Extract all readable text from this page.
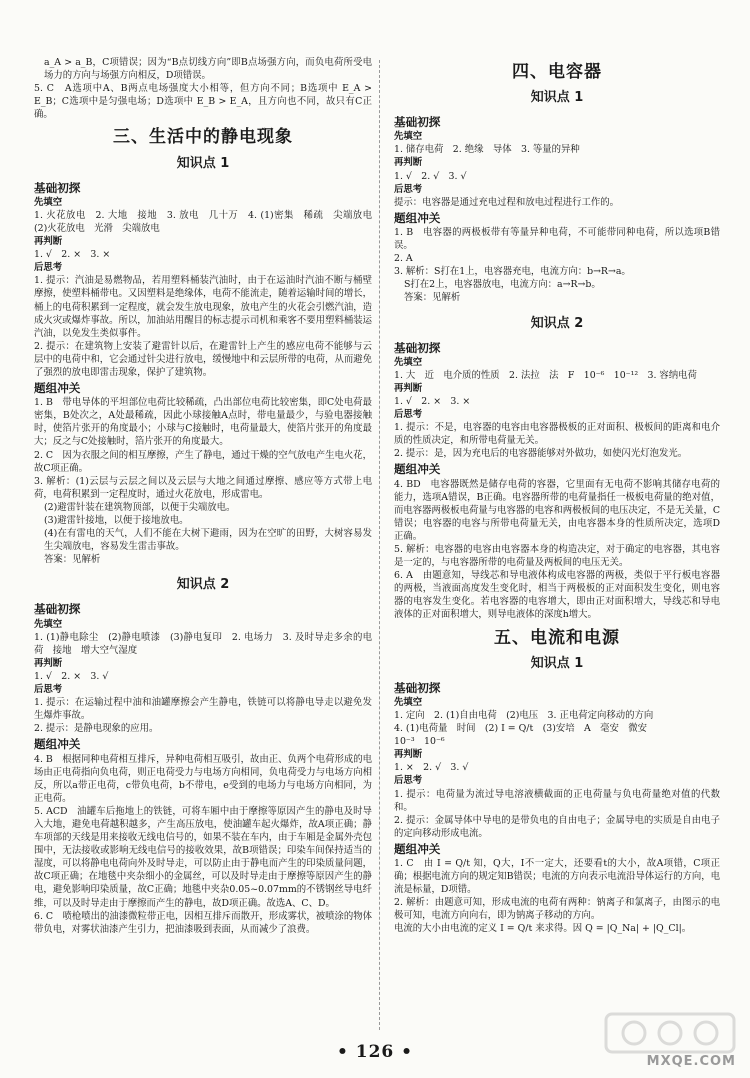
a_A > a_B，C项错误；因为“B点切线方向”即B点场强方向，而负电荷所受电场力的方向与场强方向相反，D项错误。

5. C　A选项中A、B两点电场强度大小相等，但方向不同；B选项中 E_A > E_B；C选项中是匀强电场；D选项中 E_B > E_A，且方向也不同，故只有C正确。

三、生活中的静电现象
知识点 1
基础初探
先填空

1. 火花放电　2. 大地　接地　3. 放电　几十万　4. (1)密集　稀疏　尖端放电　(2)火花放电　光滑　尖端放电

再判断

1. √　2. ×　3. ×

后思考

1. 提示：汽油是易燃物品，若用塑料桶装汽油时，由于在运油时汽油不断与桶壁摩擦，使塑料桶带电。又因塑料是绝缘体，电荷不能流走，随着运输时间的增长，桶上的电荷积累到一定程度，就会发生放电现象，放电产生的火花会引燃汽油，造成火灾或爆炸事故。所以，加油站用醒目的标志提示司机和乘客不要用塑料桶装运汽油，以免发生类似事件。

2. 提示：在建筑物上安装了避雷针以后，在避雷针上产生的感应电荷不能够与云层中的电荷中和，它会通过针尖进行放电，缓慢地中和云层所带的电荷，从而避免了强烈的放电即雷击现象，保护了建筑物。

题组冲关

1. B　带电导体的平坦部位电荷比较稀疏，凸出部位电荷比较密集，即C处电荷最密集，B处次之，A处最稀疏，因此小球接触A点时，带电量最少，与验电器接触时，使箔片张开的角度最小；小球与C接触时，电荷量最大，使箔片张开的角度最大；反之与C处接触时，箔片张开的角度最大。

2. C　因为衣服之间的相互摩擦，产生了静电，通过干燥的空气放电产生电火花，故C项正确。

3. 解析：(1)云层与云层之间以及云层与大地之间通过摩擦、感应等方式带上电荷，电荷积累到一定程度时，通过火花放电，形成雷电。

(2)避雷针装在建筑物顶部，以便于尖端放电。

(3)避雷针接地，以便于接地放电。

(4)在有雷电的天气，人们不能在大树下避雨，因为在空旷的田野，大树容易发生尖端放电，容易发生雷击事故。

答案：见解析

知识点 2
基础初探
先填空

1. (1)静电除尘　(2)静电喷漆　(3)静电复印　2. 电场力　3. 及时导走多余的电荷　接地　增大空气湿度

再判断

1. √　2. ×　3. √

后思考

1. 提示：在运输过程中油和油罐摩擦会产生静电，铁链可以将静电导走以避免发生爆炸事故。

2. 提示：是静电现象的应用。

题组冲关

4. B　根据同种电荷相互排斥，异种电荷相互吸引，故由正、负两个电荷形成的电场由正电荷指向负电荷，则正电荷受力与电场方向相同，负电荷受力与电场方向相反，所以a带正电荷，c带负电荷，b不带电，e受到的电场力与电场方向相同，为正电荷。

5. ACD　油罐车后拖地上的铁链，可将车厢中由于摩擦等原因产生的静电及时导入大地，避免电荷越积越多，产生高压放电，使油罐车起火爆炸，故A项正确；静车项部的天线是用来接收无线电信号的，如果不装在车内，由于车厢是金属外壳包围中，无法接收或影响无线电信号的接收效果，故B项错误；印染车间保持适当的湿度，可以将静电电荷向外及时导走，可以防止由于静电而产生的印染质量问题，故C项正确；在地毯中夹杂细小的金属丝，可以及时导走由于摩擦等原因产生的静电，避免影响印染质量，故C正确；地毯中夹杂0.05~0.07mm的不锈钢丝导电纤维，可以及时导走由于摩擦而产生的静电，故D项正确。故选A、C、D。

6. C　喷枪喷出的油漆微粒带正电，因相互排斥而散开，形成雾状，被喷涂的物体带负电，对雾状油漆产生引力，把油漆吸到表面，从而减少了浪费。

四、电容器
知识点 1
基础初探
先填空

1. 储存电荷　2. 绝缘　导体　3. 等量的异种

再判断

1. √　2. √　3. √

后思考

提示：电容器是通过充电过程和放电过程进行工作的。

题组冲关

1. B　电容器的两极板带有等量异种电荷，不可能带同种电荷，所以选项B错误。

2. A

3. 解析：S打在1上，电容器充电，电流方向：b→R→a。

S打在2上，电容器放电，电流方向：a→R→b。

答案：见解析

知识点 2
基础初探
先填空

1. 大　近　电介质的性质　2. 法拉　法　F　10⁻⁶　10⁻¹²　3. 容纳电荷

再判断

1. √　2. ×　3. ×

后思考

1. 提示：不是，电容器的电容由电容器极板的正对面积、极板间的距离和电介质的性质决定，和所带电荷量无关。

2. 提示：是，因为充电后的电容器能够对外做功，如使闪光灯泡发光。

题组冲关

4. BD　电容器既然是储存电荷的容器，它里面有无电荷不影响其储存电荷的能力，选项A错误，B正确。电容器所带的电荷量指任一极板电荷量的绝对值，而电容器两极板电荷量与电容器的电容和两极板间的电压决定，不是无关量，C错误；电容器的电容与所带电荷量无关，由电容器本身的性质所决定，选项D正确。

5. 解析：电容器的电容由电容器本身的构造决定，对于确定的电容器，其电容是一定的，与电容器所带的电荷量及两板间的电压无关。

6. A　由题意知，导线芯和导电液体构成电容器的两极，类似于平行板电容器的两极，当液面高度发生变化时，相当于两极板的正对面积发生变化，则电容器的电容发生变化。若电容器的电容增大，即由正对面积增大，导线芯和导电液体的正对面积增大，则导电液体的深度h增大。

五、电流和电源
知识点 1
基础初探
先填空

1. 定向　2. (1)自由电荷　(2)电压　3. 正电荷定向移动的方向

4. (1)电荷量　时间　(2) I = Q/t　(3)安培　A　毫安　微安

10⁻³　10⁻⁶

再判断

1. ×　2. √　3. √

后思考

1. 提示：电荷量为流过导电溶液横截面的正电荷量与负电荷量绝对值的代数和。

2. 提示：金属导体中导电的是带负电的自由电子；金属导电的实质是自由电子的定向移动形成电流。

题组冲关

1. C　由 I = Q/t 知，Q大，I不一定大，还要看t的大小，故A项错，C项正确；根据电流方向的规定知B错误；电流的方向表示电流沿导体运行的方向，电流是标量，D项错。

2. 解析：由题意可知，形成电流的电荷有两种：钠离子和氯离子，由图示的电极可知，电流方向向右，即为钠离子移动的方向。

电流的大小由电流的定义 I = Q/t 来求得。因 Q = |Q_Na| + |Q_Cl|。

• 126 •	MXQE.COM
